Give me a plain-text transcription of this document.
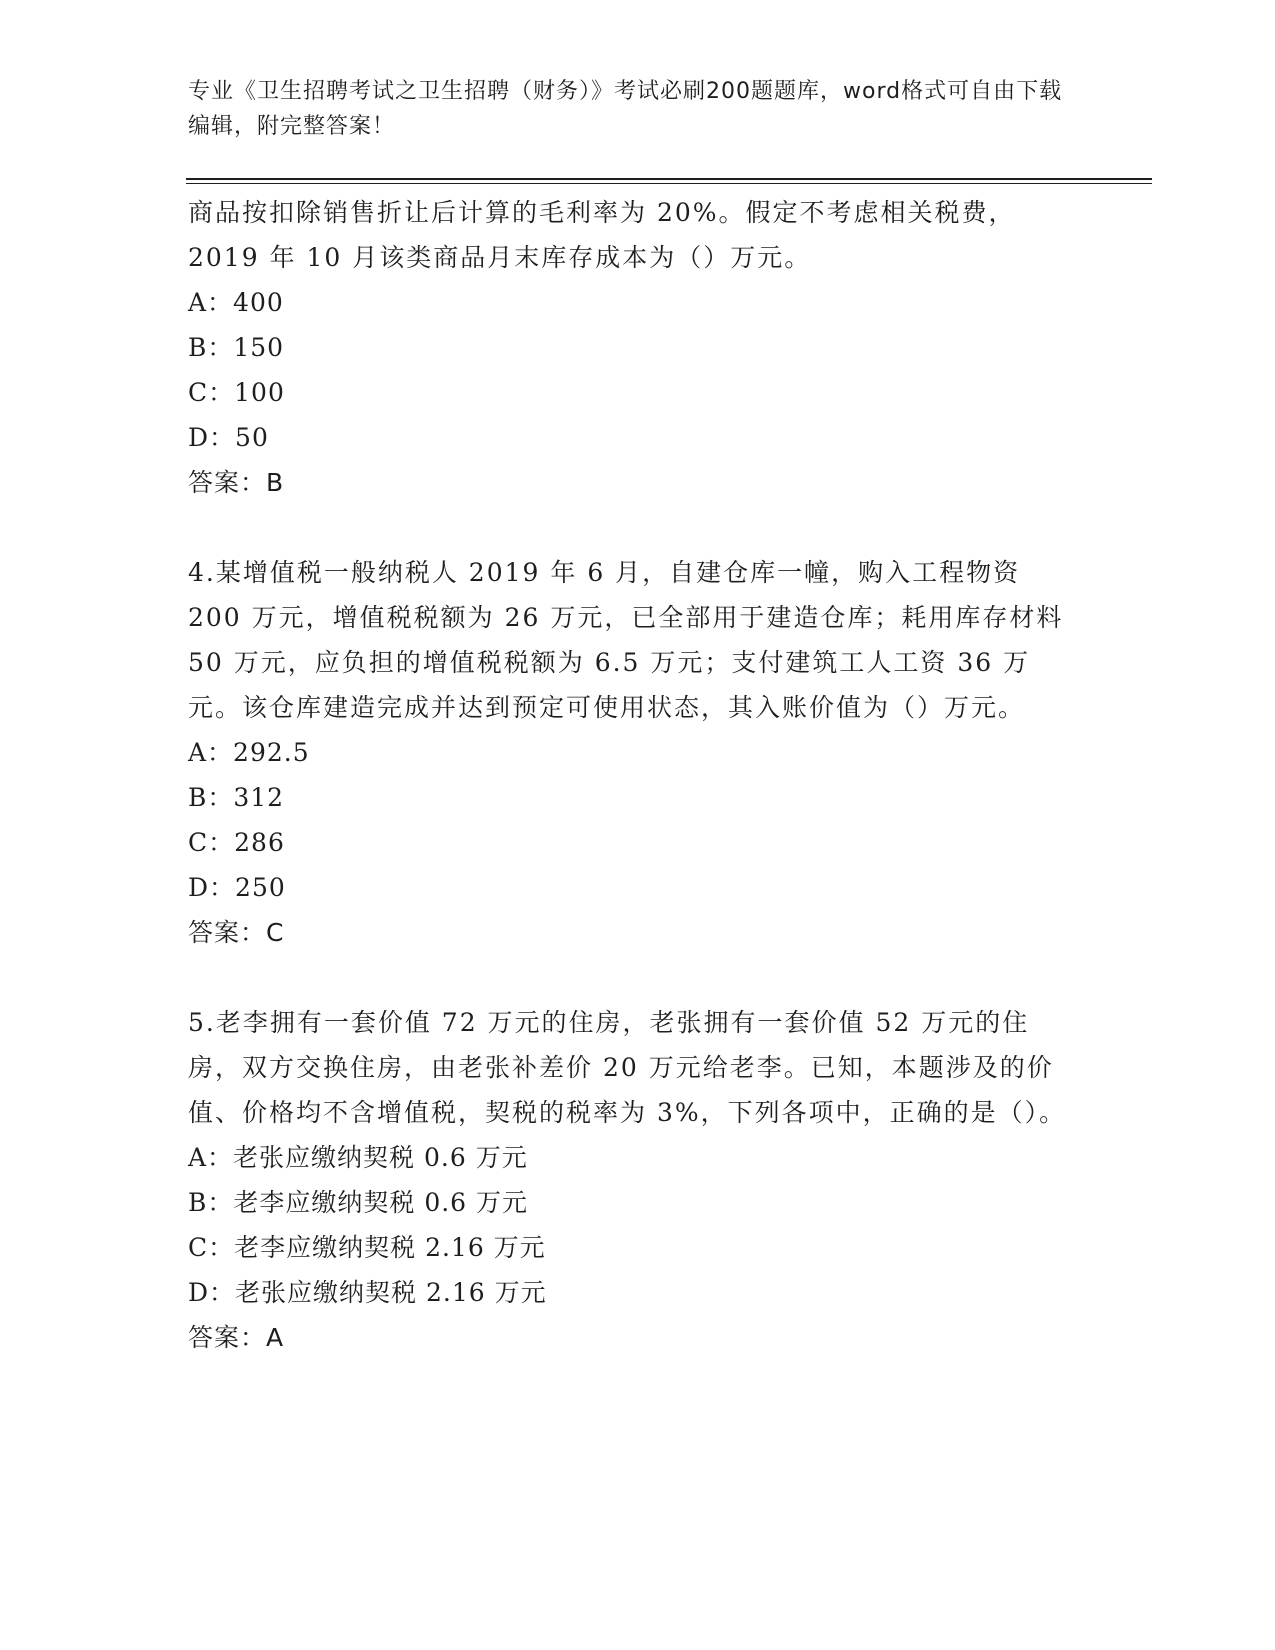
专业《卫生招聘考试之卫生招聘（财务）》考试必刷200题题库，word格式可自由下载编辑，附完整答案！

商品按扣除销售折让后计算的毛利率为 20%。假定不考虑相关税费，2019 年 10 月该类商品月末库存成本为（）万元。

A：400

B：150

C：100

D：50

答案：B

4.某增值税一般纳税人 2019 年 6 月，自建仓库一幢，购入工程物资 200 万元，增值税税额为 26 万元，已全部用于建造仓库；耗用库存材料 50 万元，应负担的增值税税额为 6.5 万元；支付建筑工人工资 36 万元。该仓库建造完成并达到预定可使用状态，其入账价值为（）万元。

A：292.5

B：312

C：286

D：250

答案：C

5.老李拥有一套价值 72 万元的住房，老张拥有一套价值 52 万元的住房，双方交换住房，由老张补差价 20 万元给老李。已知，本题涉及的价值、价格均不含增值税，契税的税率为 3%，下列各项中，正确的是（）。

A：老张应缴纳契税 0.6 万元

B：老李应缴纳契税 0.6 万元

C：老李应缴纳契税 2.16 万元

D：老张应缴纳契税 2.16 万元

答案：A
